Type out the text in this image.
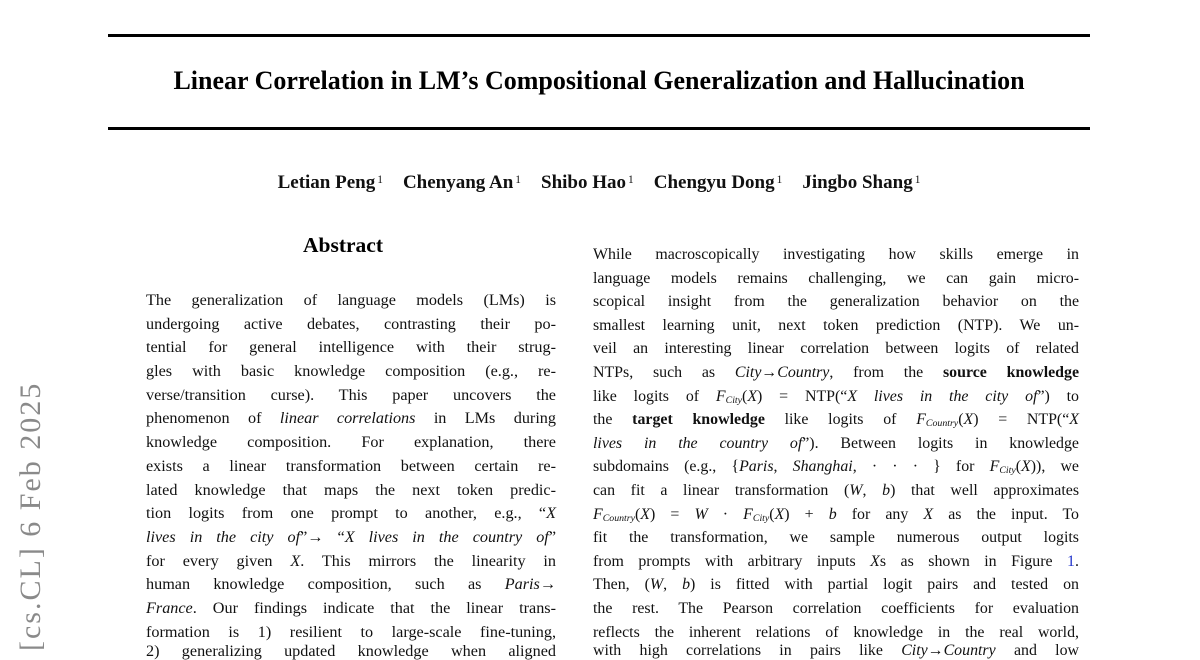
[cs.CL] 6 Feb 2025
Linear Correlation in LM’s Compositional Generalization and Hallucination
Letian Peng $^1$ Chenyang An $^1$ Shibo Hao $^1$ Chengyu Dong $^1$ Jingbo Shang $^1$
Abstract
The generalization of language models (LMs) is
undergoing active debates, contrasting their po-
tential for general intelligence with their strug-
gles with basic knowledge composition (e.g., re-
verse/transition curse). This paper uncovers the
phenomenon of linear correlations in LMs during
knowledge composition. For explanation, there
exists a linear transformation between certain re-
lated knowledge that maps the next token predic-
tion logits from one prompt to another, e.g., “X
lives in the city of”→ “X lives in the country of”
for every given X. This mirrors the linearity in
human knowledge composition, such as Paris→
France. Our findings indicate that the linear trans-
formation is 1) resilient to large-scale fine-tuning,
2) generalizing updated knowledge when aligned
While macroscopically investigating how skills emerge in
language models remains challenging, we can gain micro-
scopical insight from the generalization behavior on the
smallest learning unit, next token prediction (NTP). We un-
veil an interesting linear correlation between logits of related
NTPs, such as City→Country, from the source knowledge
like logits of $F_{City}(X)$ = NTP(“X lives in the city of”) to
the target knowledge like logits of $F_{Country}(X)$ = NTP(“X
lives in the country of”). Between logits in knowledge
subdomains (e.g., {Paris, Shanghai, · · · } for $F_{City}(X)$), we
can fit a linear transformation (W, b) that well approximates
$F_{Country}(X) = W \cdot F_{City}(X) + b$ for any X as the input. To
fit the transformation, we sample numerous output logits
from prompts with arbitrary inputs Xs as shown in Figure 1.
Then, (W, b) is fitted with partial logit pairs and tested on
the rest. The Pearson correlation coefficients for evaluation
reflects the inherent relations of knowledge in the real world,
with high correlations in pairs like City→Country and low
